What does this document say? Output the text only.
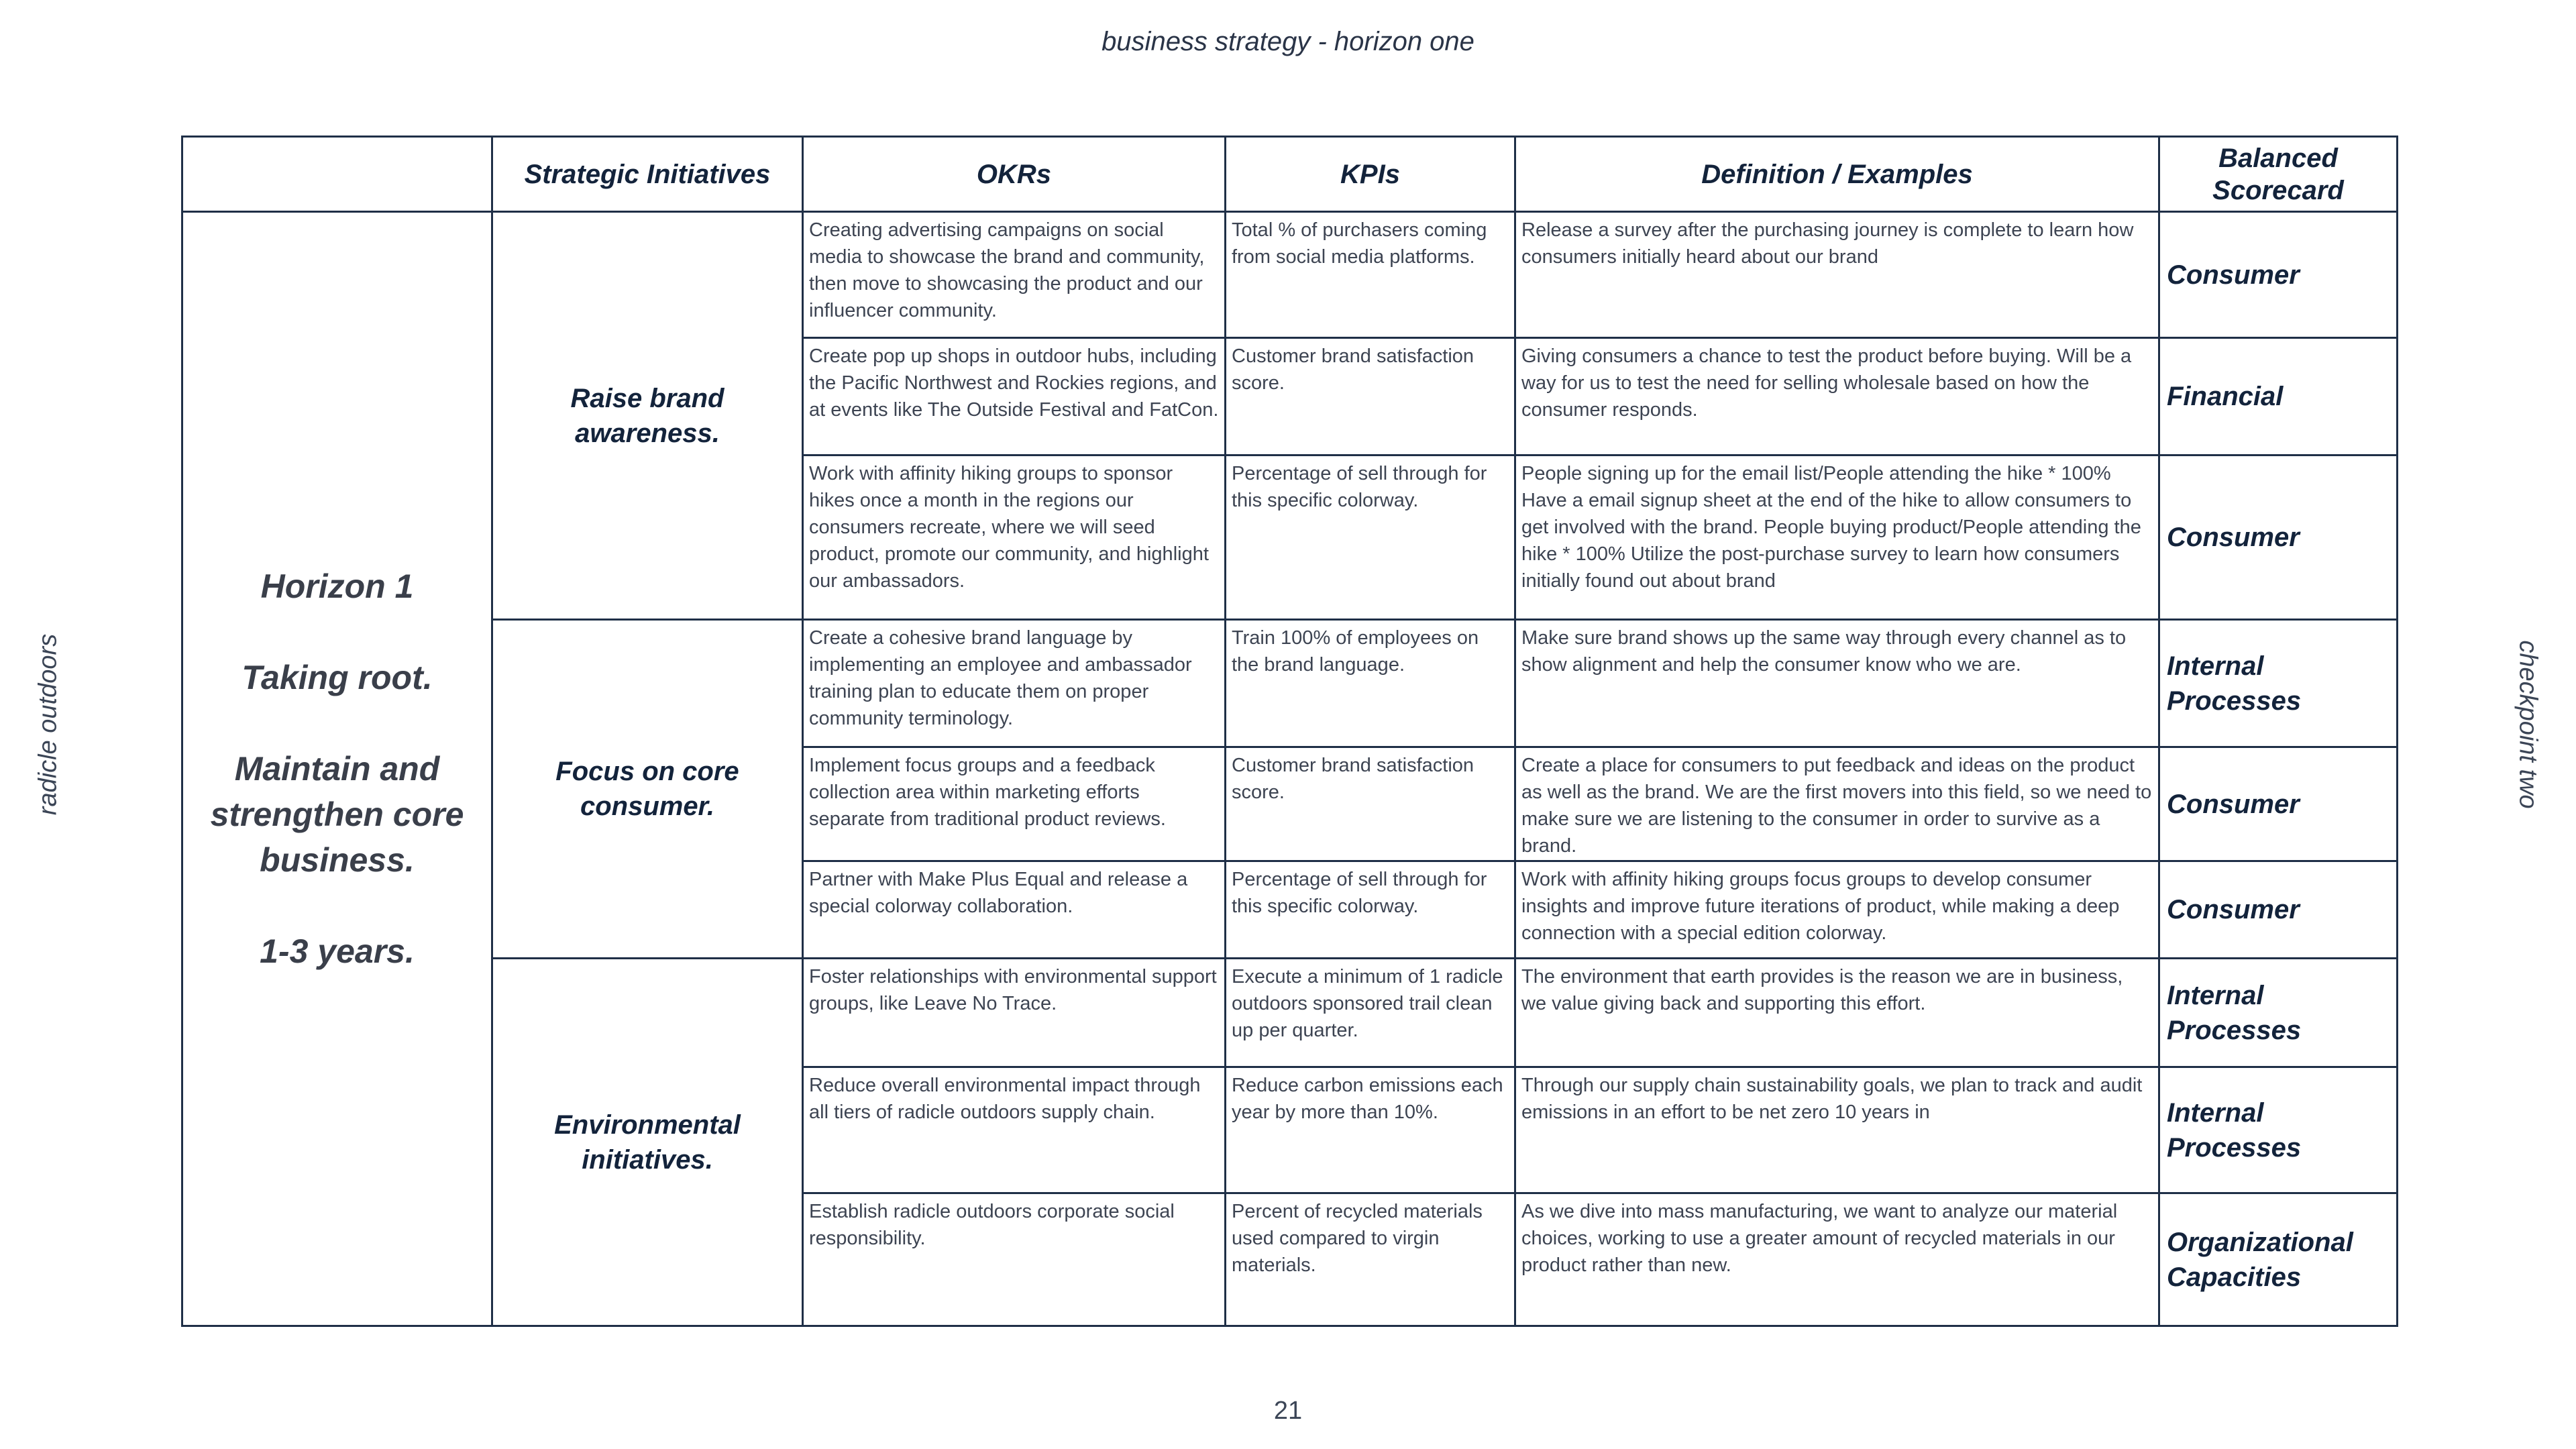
business strategy - horizon one
radicle outdoors	checkpoint two
	Strategic Initiatives	OKRs	KPIs	Definition / Examples	Balanced Scorecard

Horizon 1
Taking root.
Maintain and strengthen core business.
1-3 years.	Raise brand awareness.	Creating advertising campaigns on social media to showcase the brand and community, then move to showcasing the product and our influencer community.	Total % of purchasers coming from social media platforms.	Release a survey after the purchasing journey is complete to learn how consumers initially heard about our brand	Consumer
		Create pop up shops in outdoor hubs, including the Pacific Northwest and Rockies regions, and at events like The Outside Festival and FatCon.	Customer brand satisfaction score.	Giving consumers a chance to test the product before buying. Will be a way for us to test the need for selling wholesale based on how the consumer responds.	Financial
		Work with affinity hiking groups to sponsor hikes once a month in the regions our consumers recreate, where we will seed product, promote our community, and highlight our ambassadors.	Percentage of sell through for this specific colorway.	People signing up for the email list/People attending the hike * 100% Have a email signup sheet at the end of the hike to allow consumers to get involved with the brand. People buying product/People attending the hike * 100% Utilize the post-purchase survey to learn how consumers initially found out about brand	Consumer
	Focus on core consumer.	Create a cohesive brand language by implementing an employee and ambassador training plan to educate them on proper community terminology.	Train 100% of employees on the brand language.	Make sure brand shows up the same way through every channel as to show alignment and help the consumer know who we are.	Internal Processes
		Implement focus groups and a feedback collection area within marketing efforts separate from traditional product reviews.	Customer brand satisfaction score.	Create a place for consumers to put feedback and ideas on the product as well as the brand. We are the first movers into this field, so we need to make sure we are listening to the consumer in order to survive as a brand.	Consumer
		Partner with Make Plus Equal and release a special colorway collaboration.	Percentage of sell through for this specific colorway.	Work with affinity hiking groups focus groups to develop consumer insights and improve future iterations of product, while making a deep connection with a special edition colorway.	Consumer
	Environmental initiatives.	Foster relationships with environmental support groups, like Leave No Trace.	Execute a minimum of 1 radicle outdoors sponsored trail clean up per quarter.	The environment that earth provides is the reason we are in business, we value giving back and supporting this effort.	Internal Processes
		Reduce overall environmental impact through all tiers of radicle outdoors supply chain.	Reduce carbon emissions each year by more than 10%.	Through our supply chain sustainability goals, we plan to track and audit emissions in an effort to be net zero 10 years in	Internal Processes
		Establish radicle outdoors corporate social responsibility.	Percent of recycled materials used compared to virgin materials.	As we dive into mass manufacturing, we want to analyze our material choices, working to use a greater amount of recycled materials in our product rather than new.	Organizational Capacities
21
